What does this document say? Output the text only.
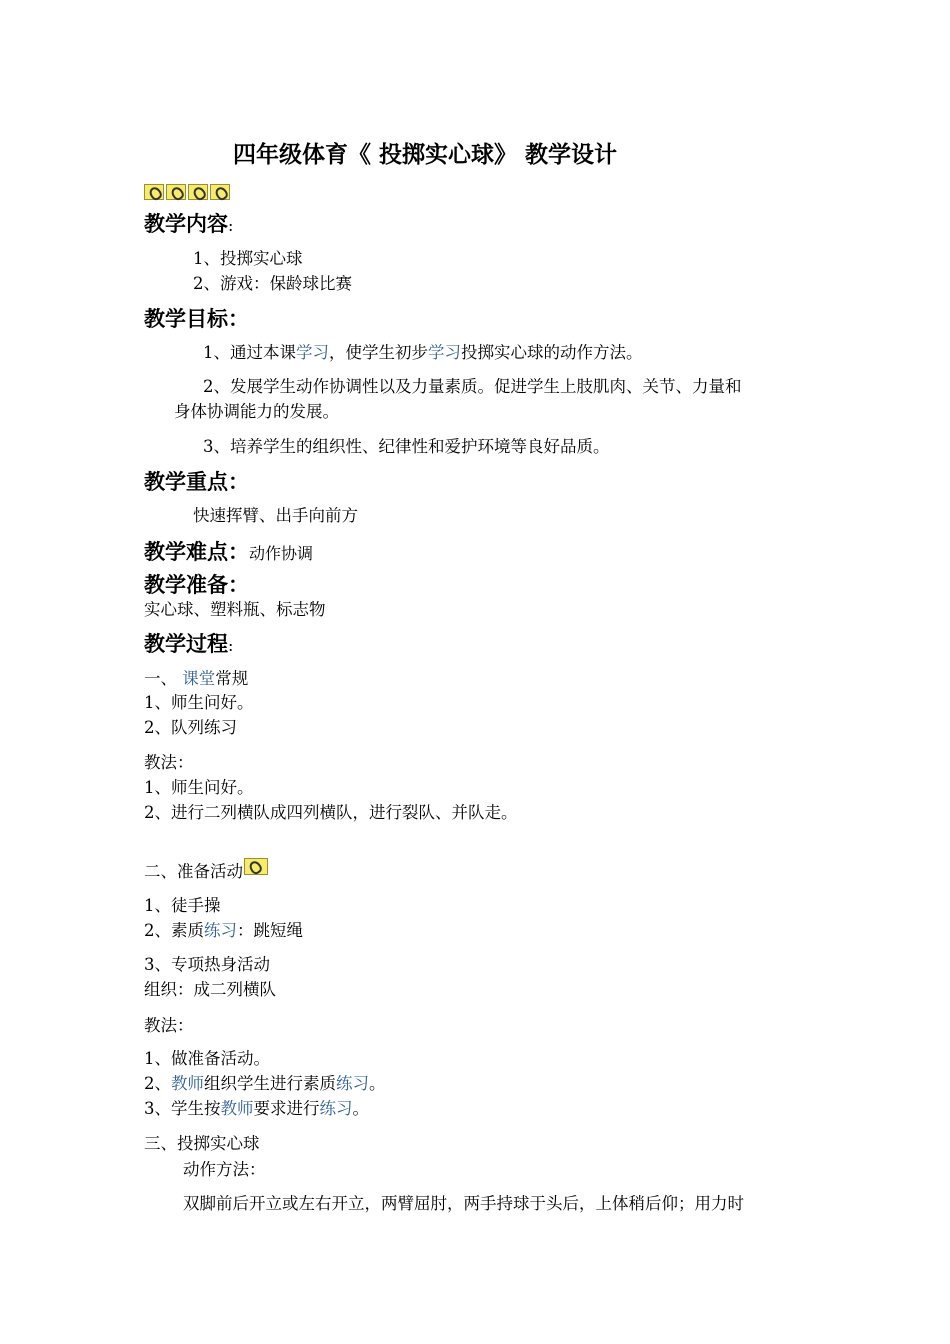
四年级体育《 投掷实心球》 教学设计
教学内容:
1、投掷实心球
2、游戏：保龄球比赛
教学目标：
1、通过本课学习，使学生初步学习投掷实心球的动作方法。
2、发展学生动作协调性以及力量素质。促进学生上肢肌肉、关节、力量和
身体协调能力的发展。
3、培养学生的组织性、纪律性和爱护环境等良好品质。
教学重点：
快速挥臂、出手向前方
教学难点：动作协调
教学准备：
实心球、塑料瓶、标志物
教学过程:
一、 课堂常规
1、师生问好。
2、队列练习
教法：
1、师生问好。
2、进行二列横队成四列横队，进行裂队、并队走。
二、准备活动
1、徒手操
2、素质练习：跳短绳
3、专项热身活动
组织：成二列横队
教法：
1、做准备活动。
2、教师组织学生进行素质练习。
3、学生按教师要求进行练习。
三、投掷实心球
动作方法：
双脚前后开立或左右开立，两臂屈肘，两手持球于头后，上体稍后仰；用力时
